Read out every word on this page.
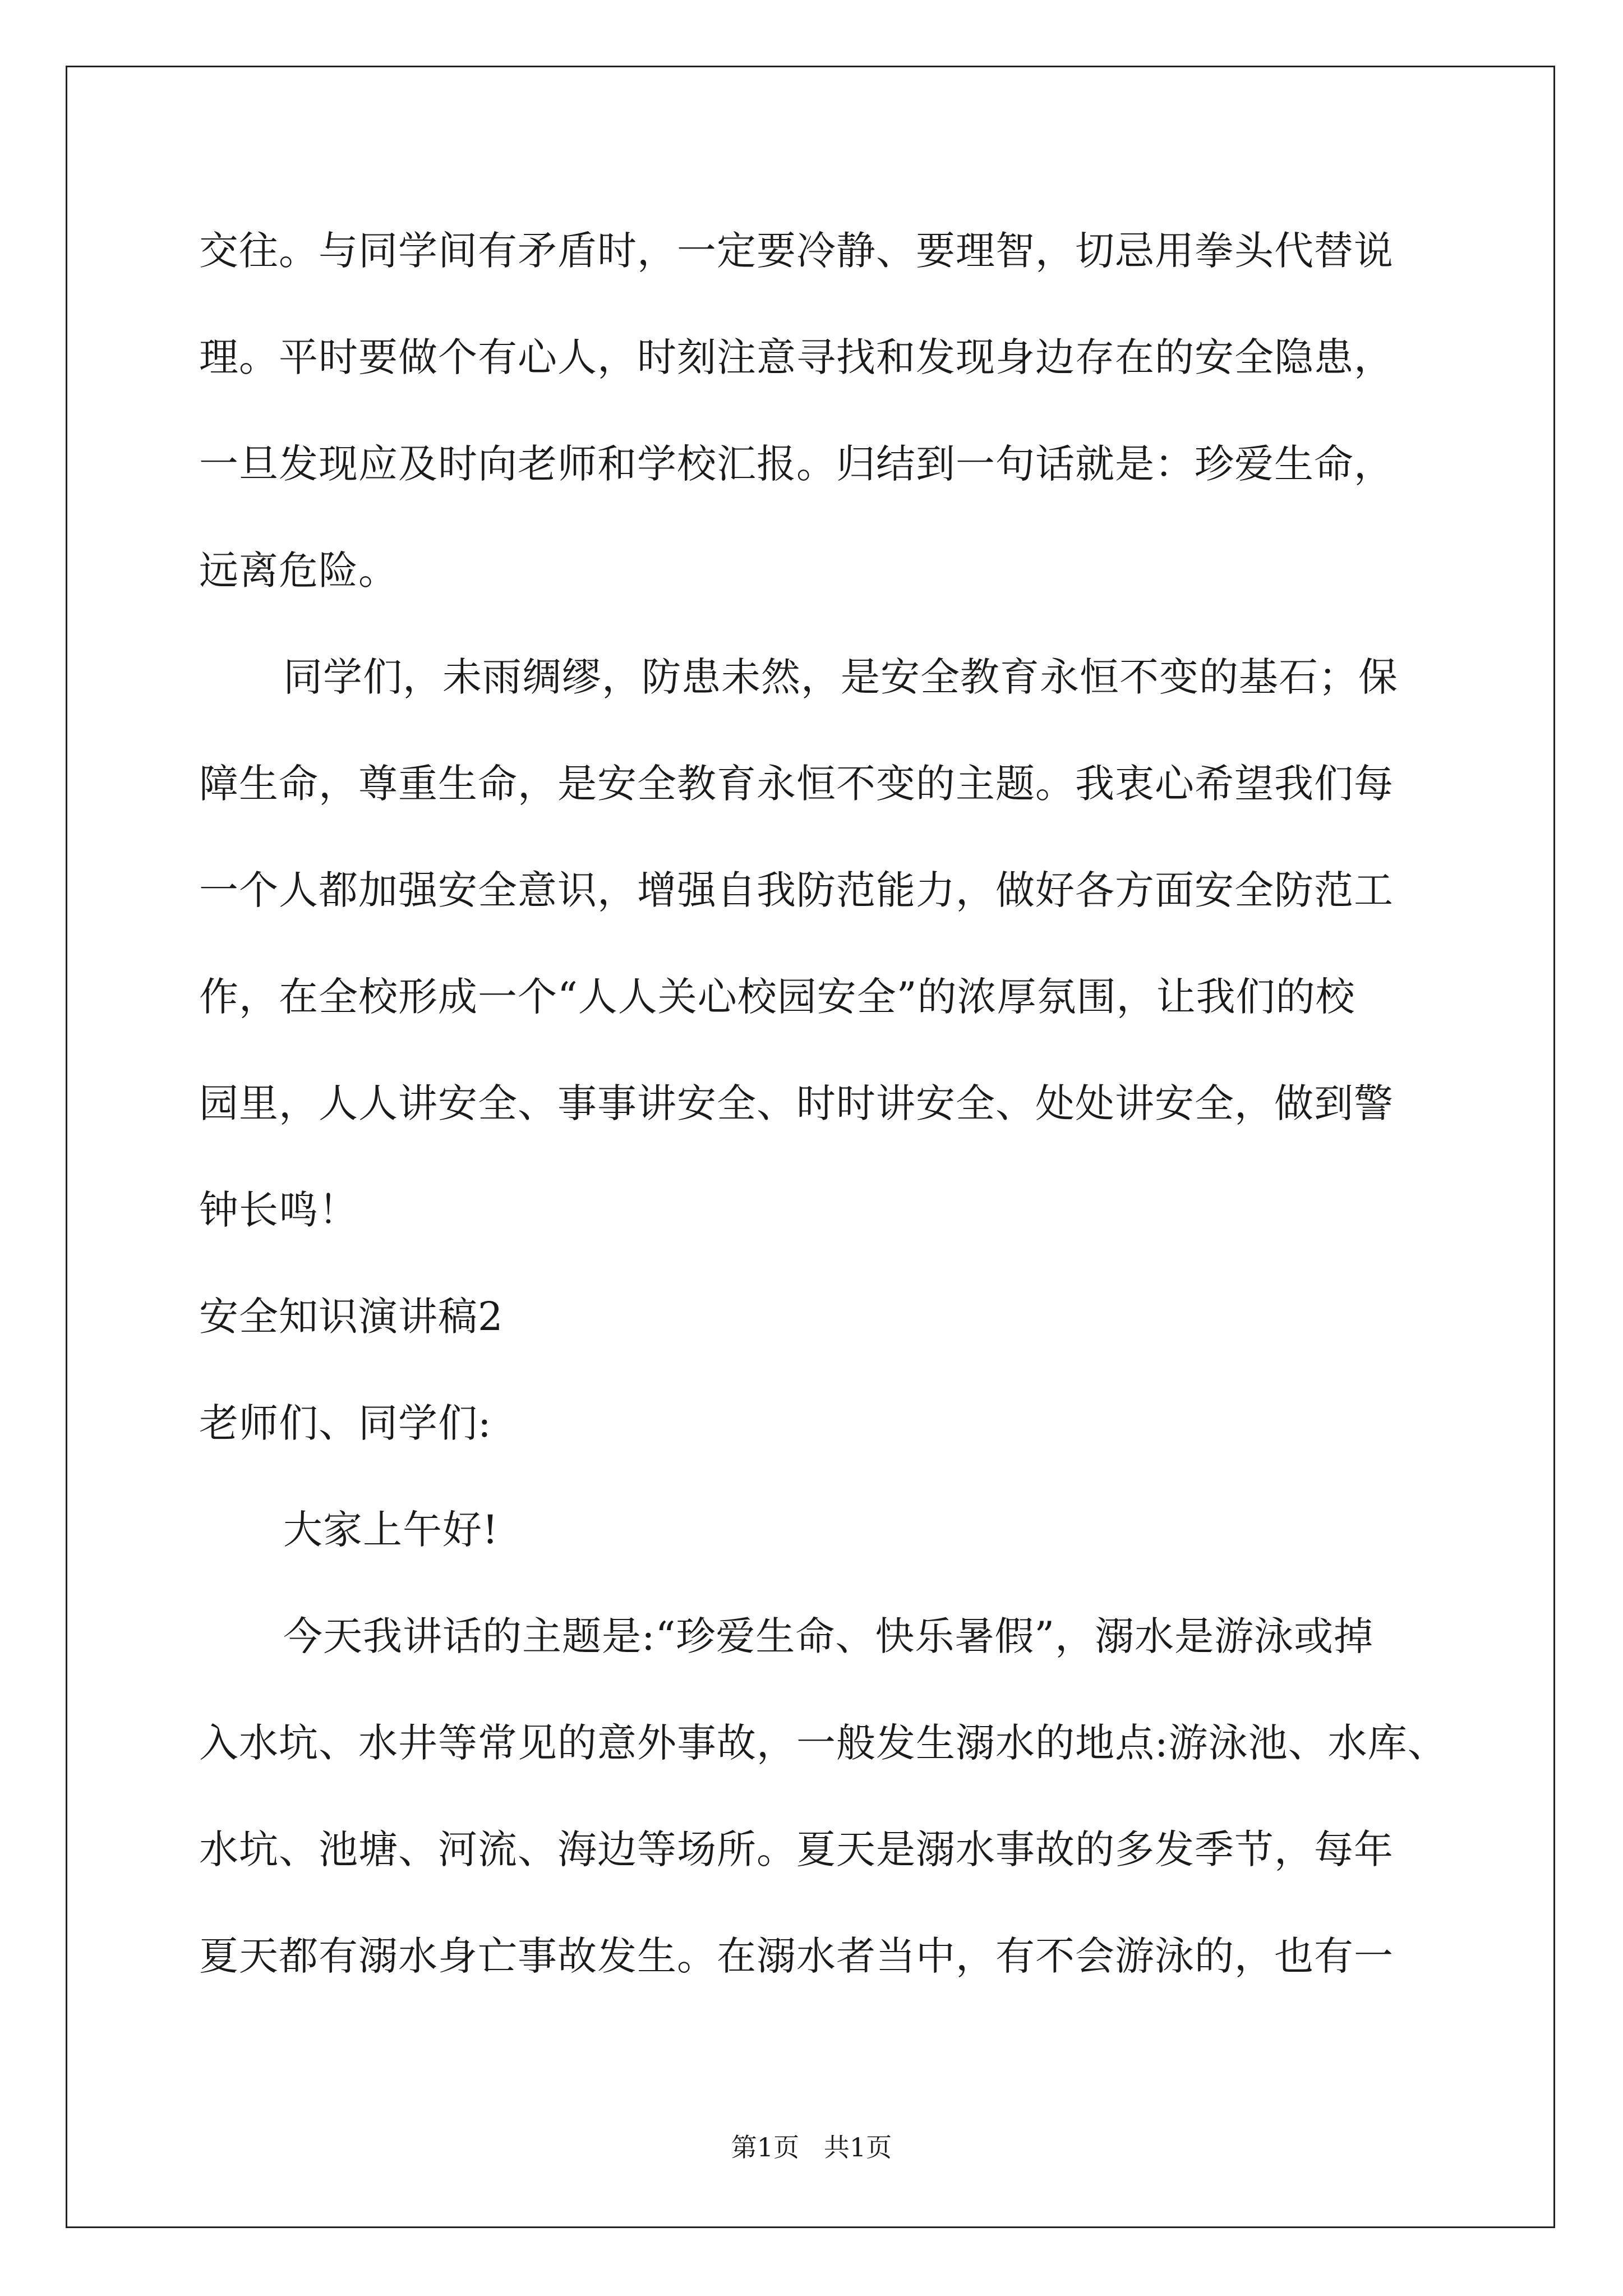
交往。与同学间有矛盾时，一定要冷静、要理智，切忌用拳头代替说
理。平时要做个有心人，时刻注意寻找和发现身边存在的安全隐患，
一旦发现应及时向老师和学校汇报。归结到一句话就是：珍爱生命，
远离危险。
同学们，未雨绸缪，防患未然，是安全教育永恒不变的基石；保
障生命，尊重生命，是安全教育永恒不变的主题。我衷心希望我们每
一个人都加强安全意识，增强自我防范能力，做好各方面安全防范工
作，在全校形成一个“人人关心校园安全”的浓厚氛围，让我们的校
园里，人人讲安全、事事讲安全、时时讲安全、处处讲安全，做到警
钟长鸣！
安全知识演讲稿2
老师们、同学们:
大家上午好!
今天我讲话的主题是:“珍爱生命、快乐暑假”，溺水是游泳或掉
入水坑、水井等常见的意外事故，一般发生溺水的地点:游泳池、水库、
水坑、池塘、河流、海边等场所。夏天是溺水事故的多发季节，每年
夏天都有溺水身亡事故发生。在溺水者当中，有不会游泳的，也有一
第1页   共1页
